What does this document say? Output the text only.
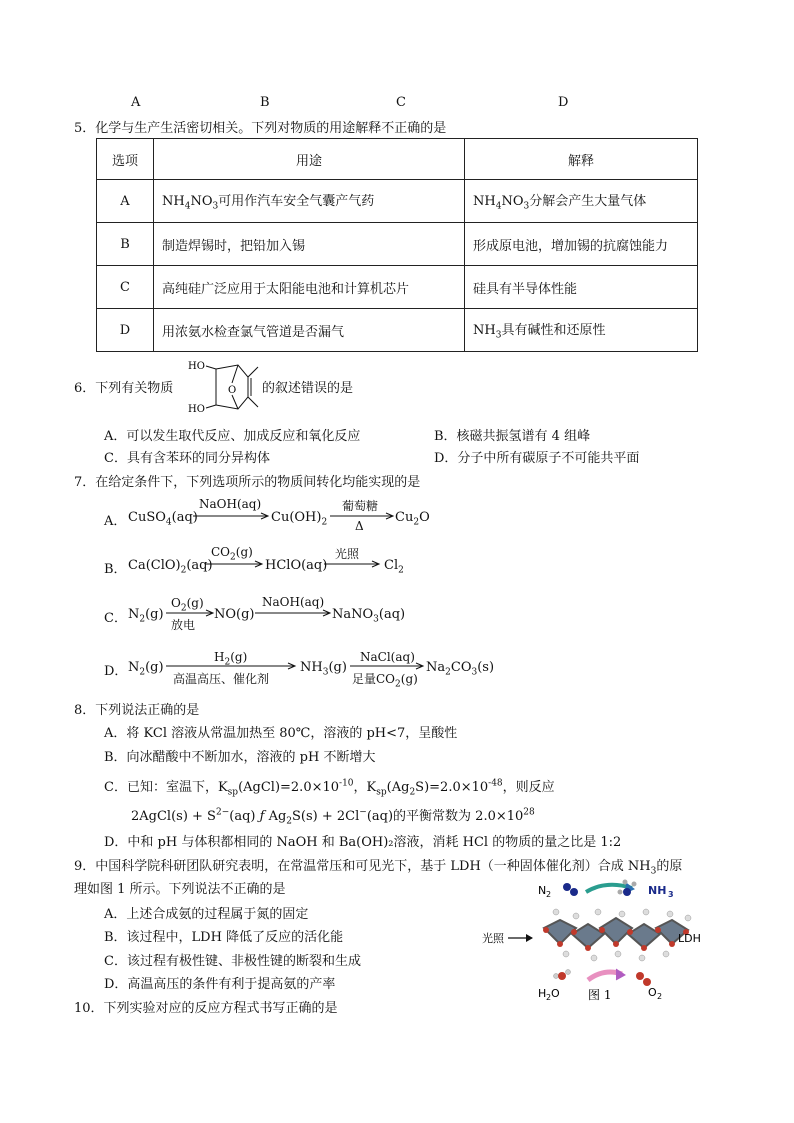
A	B	C	D
5．化学与生产生活密切相关。下列对物质的用途解释不正确的是
选项	用途	解释
A	$NH_4NO_3$可用作汽车安全气囊产气药	$NH_4NO_3$分解会产生大量气体
B	制造焊锡时，把铅加入锡	形成原电池，增加锡的抗腐蚀能力
C	高纯硅广泛应用于太阳能电池和计算机芯片	硅具有半导体性能
D	用浓氨水检查氯气管道是否漏气	$NH_3$具有碱性和还原性
6．下列有关物质
HO
HO
O 的叙述错误的是
A．可以发生取代反应、加成反应和氧化反应	B．核磁共振氢谱有 4 组峰
C．具有含苯环的同分异构体	D．分子中所有碳原子不可能共平面
7．在给定条件下，下列选项所示的物质间转化均能实现的是
A． CuSO$_4$(aq)
NaOH(aq)
$Cu(OH)_2$
葡萄糖
Δ
$Cu_2O$
B． $Ca(ClO)_2(aq)$
$CO_2(g)$
HClO(aq)
光照
$Cl_2$
C． $N_2(g)$
$O_2(g)$
放电
NO(g)
NaOH(aq)
NaNO$_3$(aq)
D． $N_2(g)$
$H_2(g)$
高温高压、催化剂
$NH_3(g)$
NaCl(aq)
足量$CO_2(g)$
$Na_2CO_3(s)$
8．下列说法正确的是
A．将 KCl 溶液从常温加热至 80℃，溶液的 pH<7，呈酸性
B．向冰醋酸中不断加水，溶液的 pH 不断增大
C．已知：室温下，$K_{sp}(AgCl)=2.0\times 10^{-10}$，$K_{sp}(Ag_2S)=2.0\times 10^{-48}$，则反应
2AgCl(s) + $S^{2-}(aq)$ ƒ $Ag_2S(s) + 2Cl^-(aq)$的平衡常数为 $2.0\times 10^{28}$
D．中和 pH 与体积都相同的 NaOH 和 Ba(OH)₂溶液，消耗 HCl 的物质的量之比是 1:2
9．中国科学院科研团队研究表明，在常温常压和可见光下，基于 LDH（一种固体催化剂）合成 $NH_3$的原
理如图 1 所示。下列说法不正确的是
A．上述合成氨的过程属于氮的固定
B．该过程中，LDH 降低了反应的活化能
C．该过程有极性键、非极性键的断裂和生成
D．高温高压的条件有利于提高氨的产率
N 2	NH 3
光照	LDH
H 2 O 图 1	O 2
10．下列实验对应的反应方程式书写正确的是
